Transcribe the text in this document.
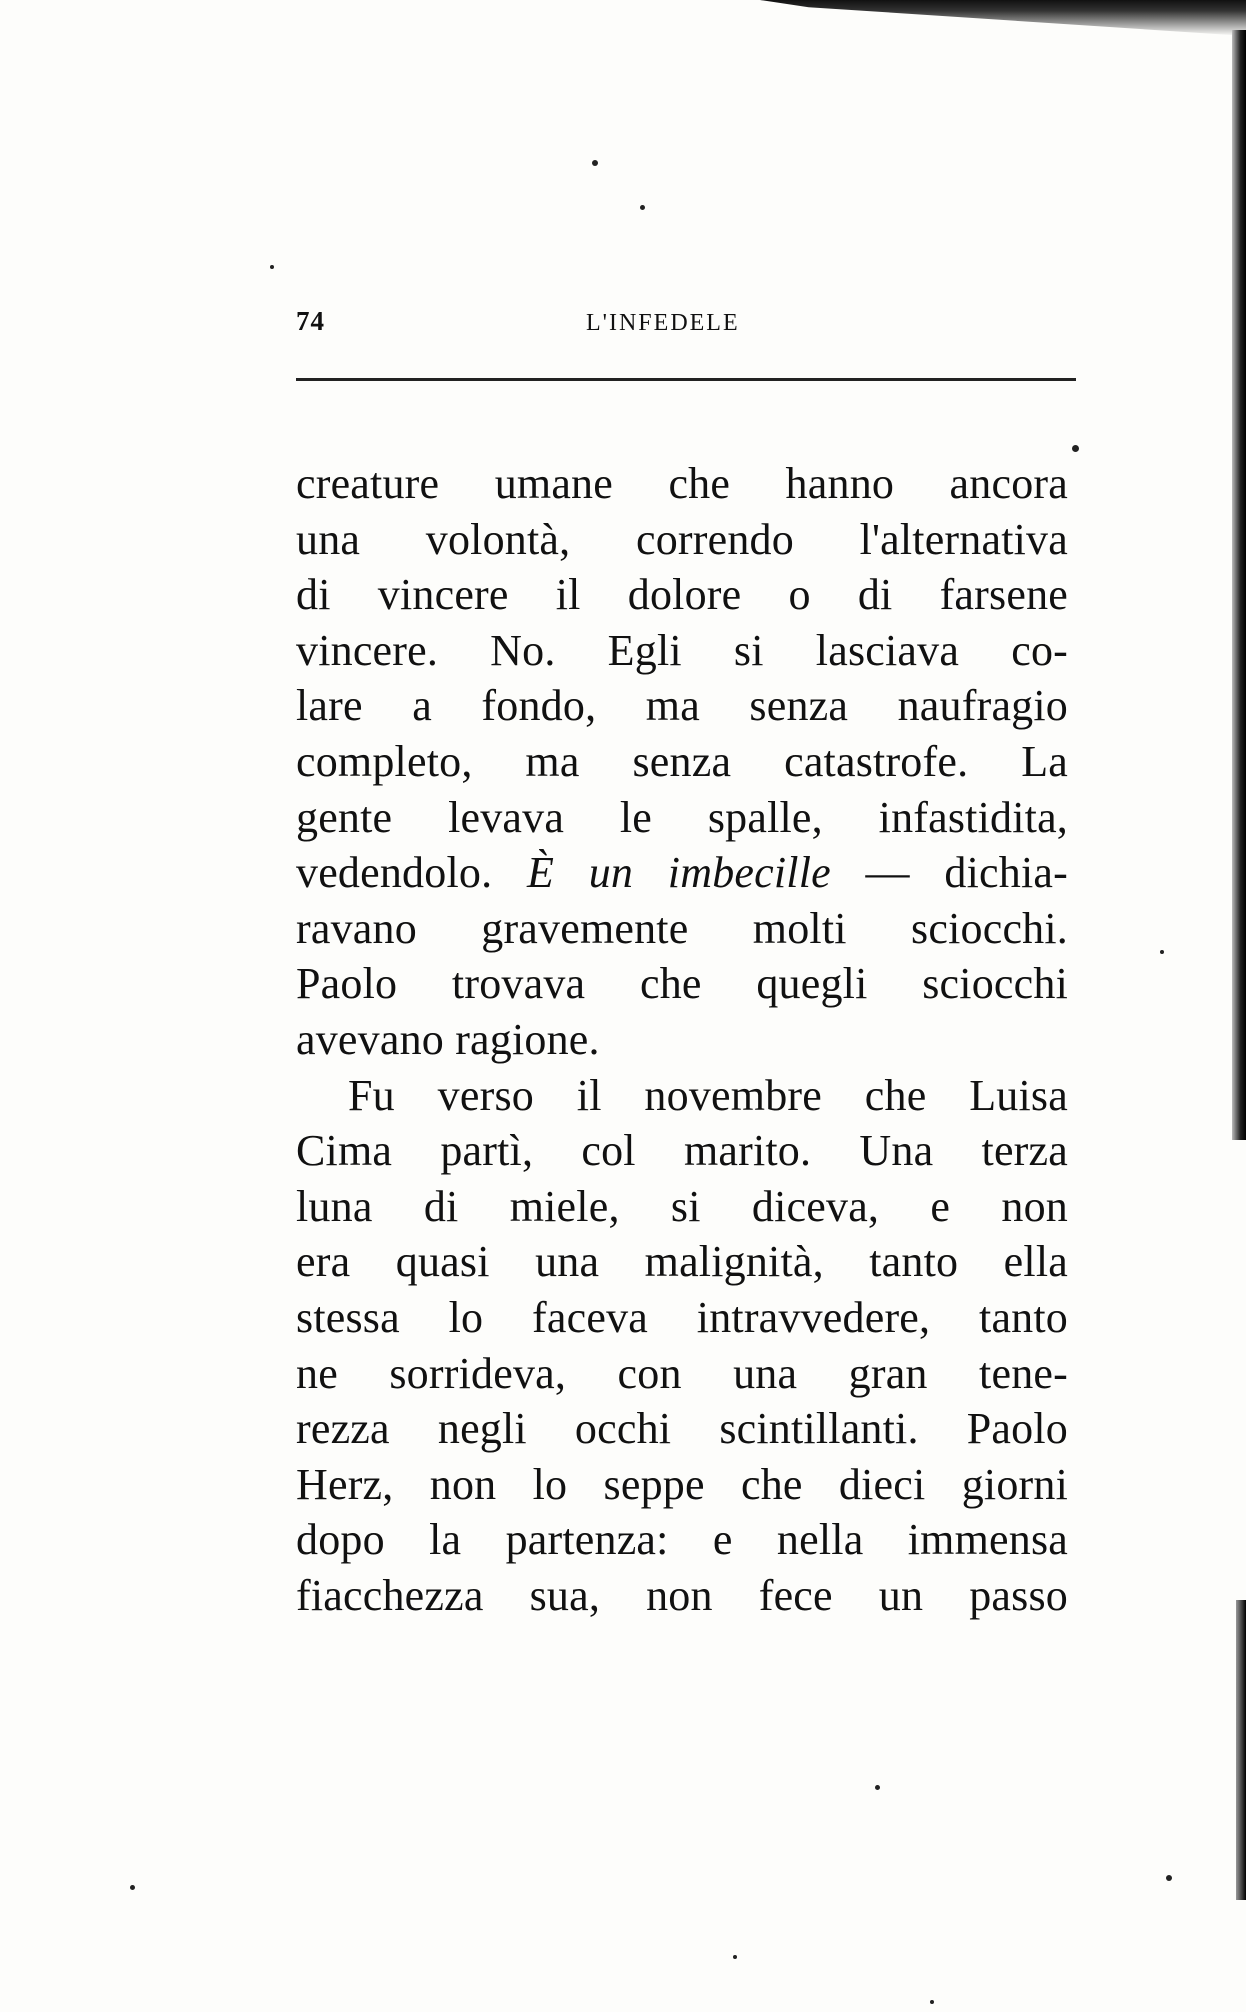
74	L'INFEDELE

creature umane che hanno ancora

una volontà, correndo l'alternativa

di vincere il dolore o di farsene

vincere. No. Egli si lasciava co-

lare a fondo, ma senza naufragio

completo, ma senza catastrofe. La

gente levava le spalle, infastidita,

vedendolo. È un imbecille — dichia-

ravano gravemente molti sciocchi.

Paolo trovava che quegli sciocchi

avevano ragione.

Fu verso il novembre che Luisa

Cima partì, col marito. Una terza

luna di miele, si diceva, e non

era quasi una malignità, tanto ella

stessa lo faceva intravvedere, tanto

ne sorrideva, con una gran tene-

rezza negli occhi scintillanti. Paolo

Herz, non lo seppe che dieci giorni

dopo la partenza: e nella immensa

fiacchezza sua, non fece un passo
